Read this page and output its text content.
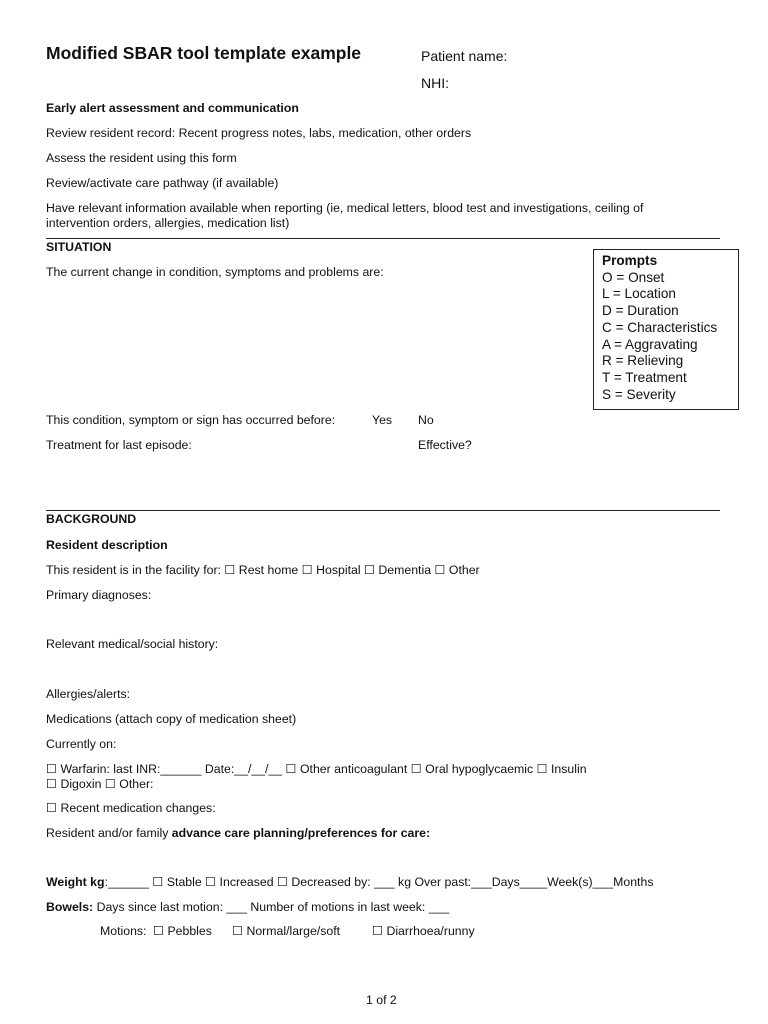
Modified SBAR tool template example	Patient name:
NHI:
Early alert assessment and communication
Review resident record: Recent progress notes, labs, medication, other orders
Assess the resident using this form
Review/activate care pathway (if available)
Have relevant information available when reporting (ie, medical letters, blood test and investigations, ceiling of
intervention orders, allergies, medication list)
SITUATION
The current change in condition, symptoms and problems are:
Prompts
O = Onset
L = Location
D = Duration
C = Characteristics
A = Aggravating
R = Relieving
T = Treatment
S = Severity
This condition, symptom or sign has occurred before:	Yes No
Treatment for last episode:	Effective?
BACKGROUND
Resident description
This resident is in the facility for: ☐ Rest home ☐ Hospital ☐ Dementia ☐ Other
Primary diagnoses:
Relevant medical/social history:
Allergies/alerts:
Medications (attach copy of medication sheet)
Currently on:
☐ Warfarin: last INR:______ Date:__/__/__ ☐ Other anticoagulant ☐ Oral hypoglycaemic ☐ Insulin
☐ Digoxin ☐ Other:
☐ Recent medication changes:
Resident and/or family advance care planning/preferences for care:
Weight kg:______ ☐ Stable ☐ Increased ☐ Decreased by: ___ kg Over past:___Days____Week(s)___Months
Bowels: Days since last motion: ___ Number of motions in last week: ___
Motions: ☐ Pebbles ☐ Normal/large/soft	☐ Diarrhoea/runny
1 of 2
